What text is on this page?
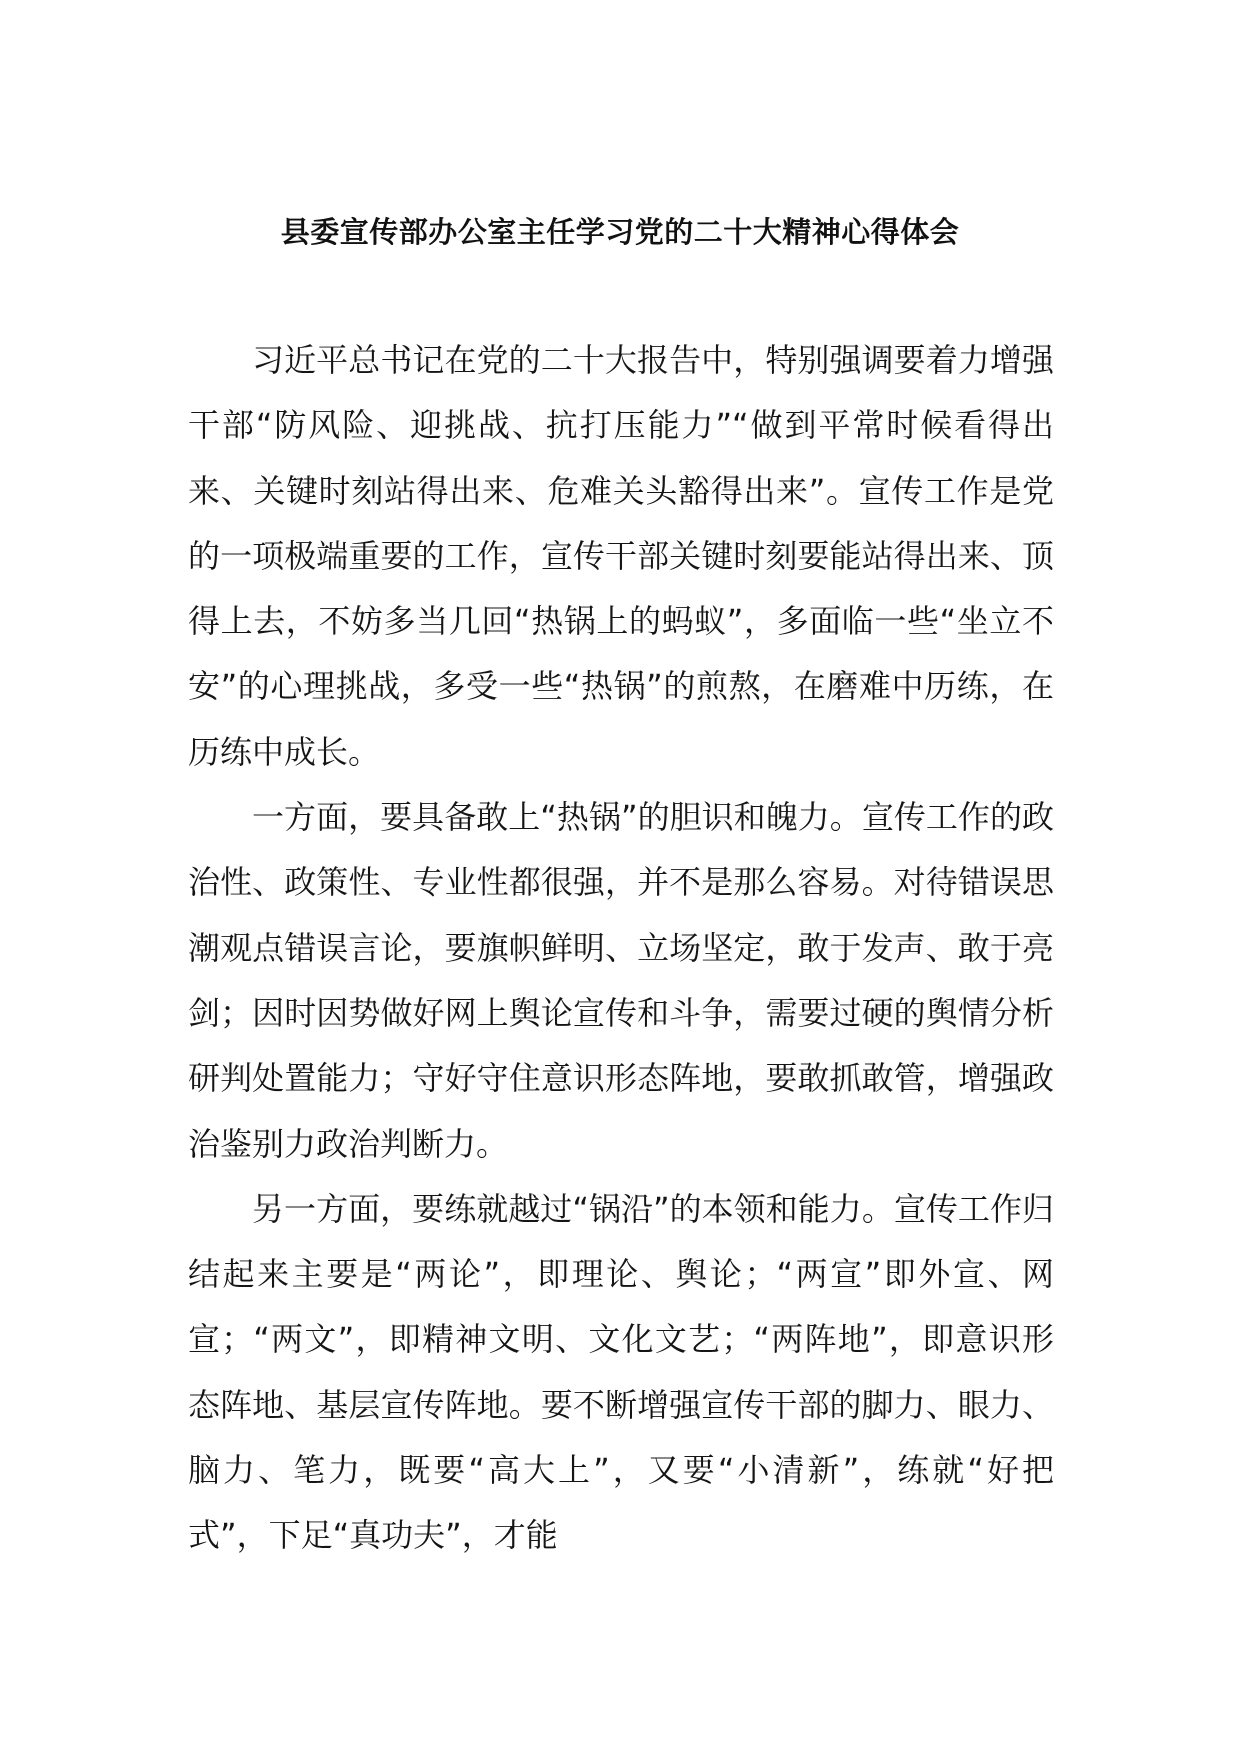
县委宣传部办公室主任学习党的二十大精神心得体会

习近平总书记在党的二十大报告中，特别强调要着力增强干部“防风险、迎挑战、抗打压能力”“做到平常时候看得出来、关键时刻站得出来、危难关头豁得出来”。宣传工作是党的一项极端重要的工作，宣传干部关键时刻要能站得出来、顶得上去，不妨多当几回“热锅上的蚂蚁”，多面临一些“坐立不安”的心理挑战，多受一些“热锅”的煎熬，在磨难中历练，在历练中成长。

一方面，要具备敢上“热锅”的胆识和魄力。宣传工作的政治性、政策性、专业性都很强，并不是那么容易。对待错误思潮观点错误言论，要旗帜鲜明、立场坚定，敢于发声、敢于亮剑；因时因势做好网上舆论宣传和斗争，需要过硬的舆情分析研判处置能力；守好守住意识形态阵地，要敢抓敢管，增强政治鉴别力政治判断力。

另一方面，要练就越过“锅沿”的本领和能力。宣传工作归结起来主要是“两论”，即理论、舆论；“两宣”即外宣、网宣；“两文”，即精神文明、文化文艺；“两阵地”，即意识形态阵地、基层宣传阵地。要不断增强宣传干部的脚力、眼力、脑力、笔力，既要“高大上”，又要“小清新”，练就“好把式”，下足“真功夫”，才能
